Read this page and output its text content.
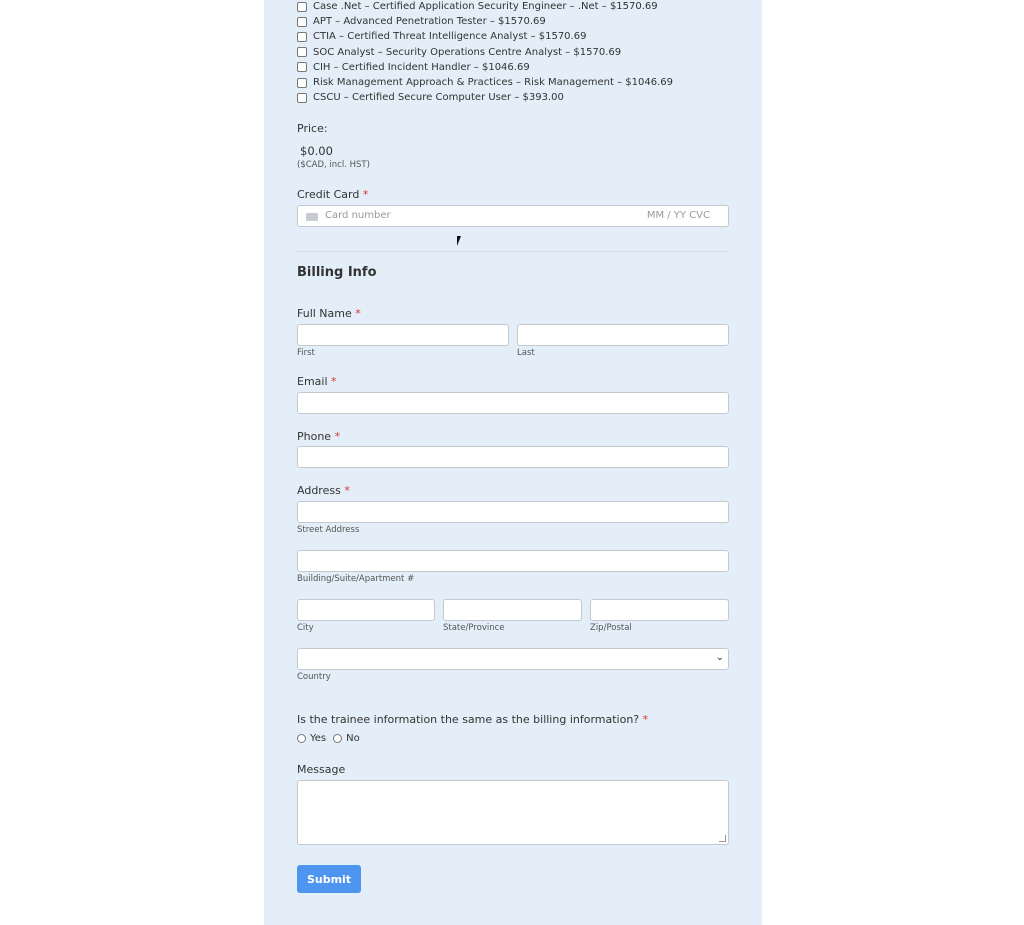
Case .Net – Certified Application Security Engineer – .Net – $1570.69
APT – Advanced Penetration Tester – $1570.69
CTIA – Certified Threat Intelligence Analyst – $1570.69
SOC Analyst – Security Operations Centre Analyst – $1570.69
CIH – Certified Incident Handler – $1046.69
Risk Management Approach & Practices – Risk Management – $1046.69
CSCU – Certified Secure Computer User – $393.00
Price:
$0.00
($CAD, incl. HST)
Credit Card *
Card number	MM / YY CVC
Billing Info
Full Name *
First	Last
Email *
Phone *
Address *
Street Address
Building/Suite/Apartment #
City	State/Province	Zip/Postal
⌄
Country
Is the trainee information the same as the billing information? *
Yes No
Message
Submit
